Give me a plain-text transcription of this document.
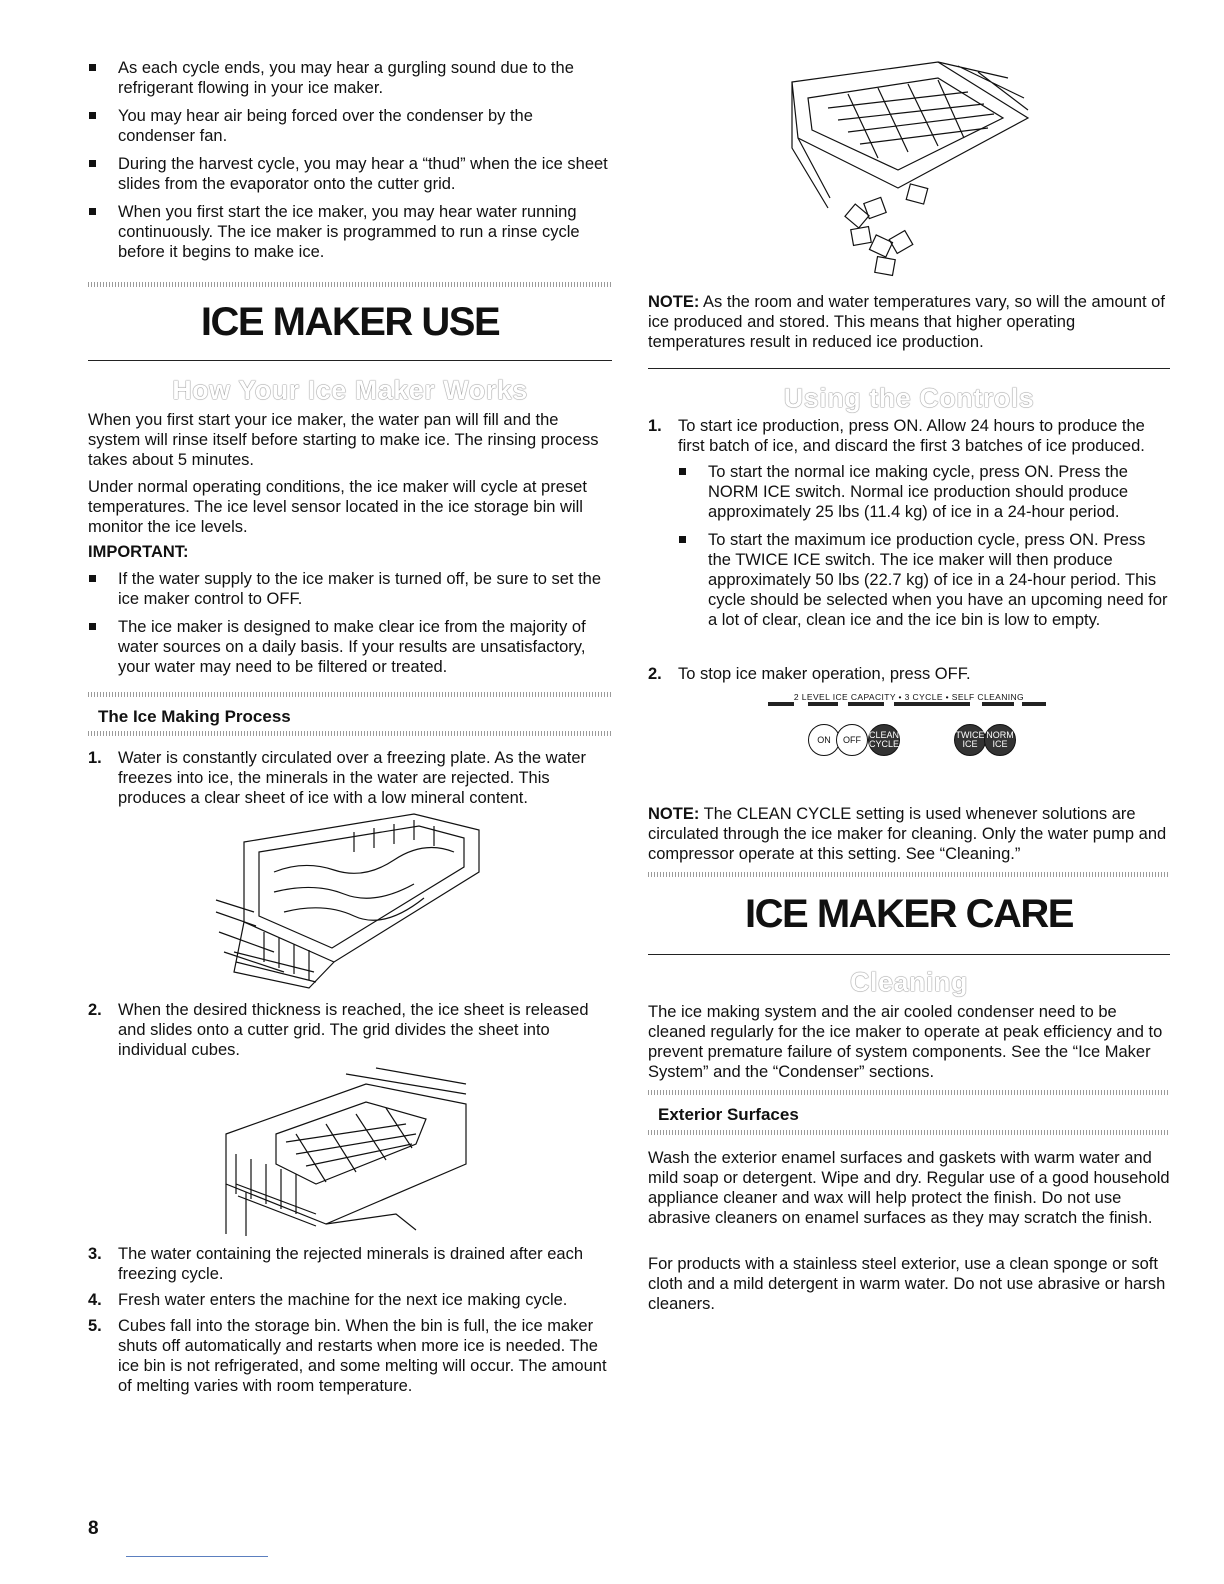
As each cycle ends, you may hear a gurgling sound due to the refrigerant flowing in your ice maker.
You may hear air being forced over the condenser by the condenser fan.
During the harvest cycle, you may hear a “thud” when the ice sheet slides from the evaporator onto the cutter grid.
When you first start the ice maker, you may hear water running continuously. The ice maker is programmed to run a rinse cycle before it begins to make ice.
ICE MAKER USE
How Your Ice Maker Works

When you first start your ice maker, the water pan will fill and the system will rinse itself before starting to make ice. The rinsing process takes about 5 minutes.

Under normal operating conditions, the ice maker will cycle at preset temperatures. The ice level sensor located in the ice storage bin will monitor the ice levels.

IMPORTANT:
If the water supply to the ice maker is turned off, be sure to set the ice maker control to OFF.
The ice maker is designed to make clear ice from the majority of water sources on a daily basis. If your results are unsatisfactory, your water may need to be filtered or treated.
The Ice Making Process
1. Water is constantly circulated over a freezing plate. As the water freezes into ice, the minerals in the water are rejected. This produces a clear sheet of ice with a low mineral content.
2. When the desired thickness is reached, the ice sheet is released and slides onto a cutter grid. The grid divides the sheet into individual cubes.
3. The water containing the rejected minerals is drained after each freezing cycle.
4. Fresh water enters the machine for the next ice making cycle.
5. Cubes fall into the storage bin. When the bin is full, the ice maker shuts off automatically and restarts when more ice is needed. The ice bin is not refrigerated, and some melting will occur. The amount of melting varies with room temperature.
8

NOTE: As the room and water temperatures vary, so will the amount of ice produced and stored. This means that higher operating temperatures result in reduced ice production.

Using the Controls
1. To start ice production, press ON. Allow 24 hours to produce the first batch of ice, and discard the first 3 batches of ice produced.
To start the normal ice making cycle, press ON. Press the NORM ICE switch. Normal ice production should produce approximately 25 lbs (11.4 kg) of ice in a 24-hour period.
To start the maximum ice production cycle, press ON. Press the TWICE ICE switch. The ice maker will then produce approximately 50 lbs (22.7 kg) of ice in a 24-hour period. This cycle should be selected when you have an upcoming need for a lot of clear, clean ice and the ice bin is low to empty.
2. To stop ice maker operation, press OFF.
2 LEVEL ICE CAPACITY • 3 CYCLE • SELF CLEANING
ON	OFF CLEAN CYCLE
TWICE ICE
NORM ICE

NOTE: The CLEAN CYCLE setting is used whenever solutions are circulated through the ice maker for cleaning. Only the water pump and compressor operate at this setting. See “Cleaning.”

ICE MAKER CARE
Cleaning

The ice making system and the air cooled condenser need to be cleaned regularly for the ice maker to operate at peak efficiency and to prevent premature failure of system components. See the “Ice Maker System” and the “Condenser” sections.

Exterior Surfaces

Wash the exterior enamel surfaces and gaskets with warm water and mild soap or detergent. Wipe and dry. Regular use of a good household appliance cleaner and wax will help protect the finish. Do not use abrasive cleaners on enamel surfaces as they may scratch the finish.

For products with a stainless steel exterior, use a clean sponge or soft cloth and a mild detergent in warm water. Do not use abrasive or harsh cleaners.
